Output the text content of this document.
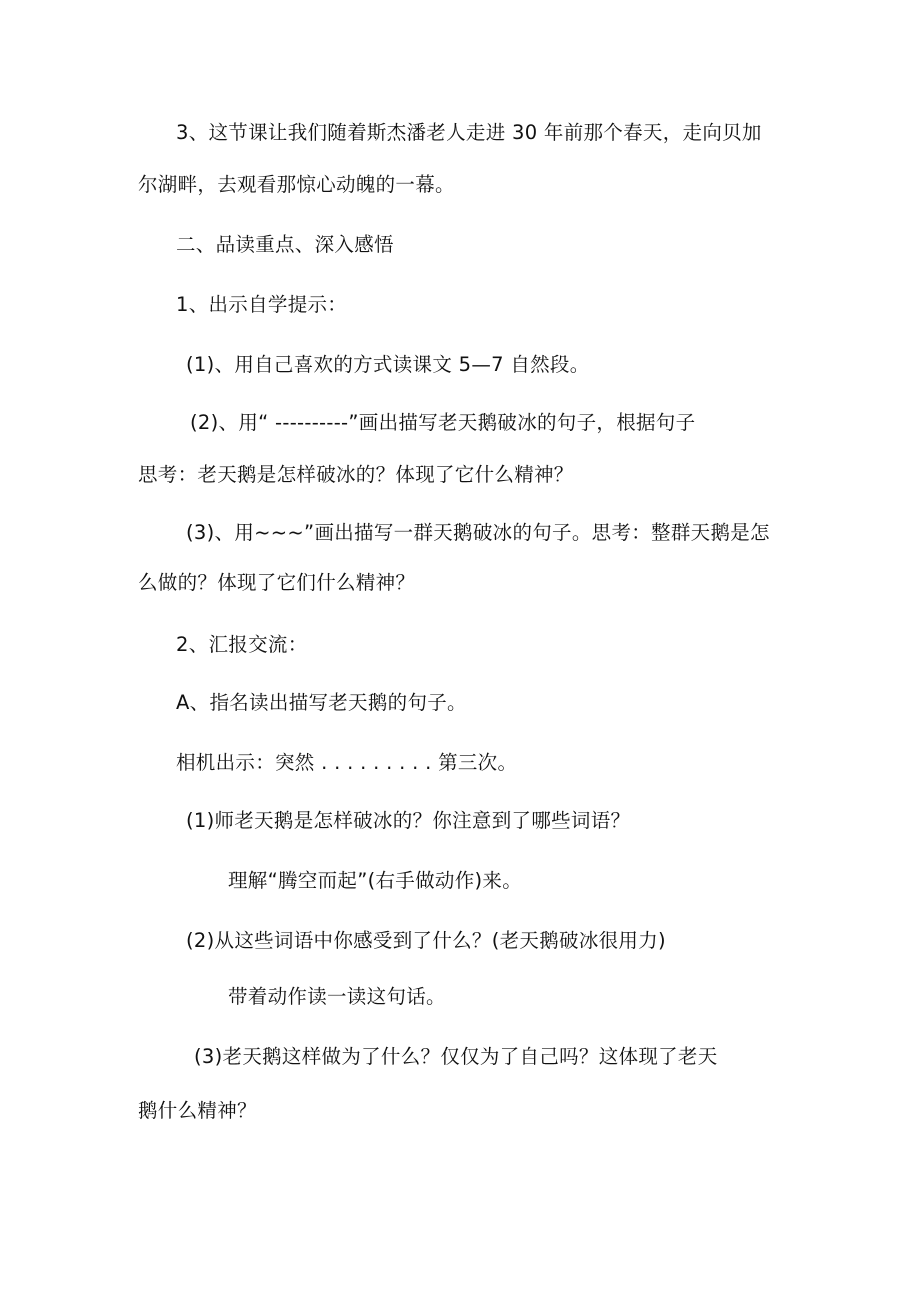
3、这节课让我们随着斯杰潘老人走进 30 年前那个春天，走向贝加
尔湖畔，去观看那惊心动魄的一幕。
二、品读重点、深入感悟
1、出示自学提示：
(1)、用自己喜欢的方式读课文 5—7 自然段。
(2)、用“ ----------”画出描写老天鹅破冰的句子，根据句子
思考：老天鹅是怎样破冰的？体现了它什么精神？
(3)、用~~~”画出描写一群天鹅破冰的句子。思考：整群天鹅是怎
么做的？体现了它们什么精神？
2、汇报交流：
A、指名读出描写老天鹅的句子。
相机出示：突然 . . . . . . . . . 第三次。
(1)师老天鹅是怎样破冰的？你注意到了哪些词语？
理解“腾空而起”(右手做动作)来。
(2)从这些词语中你感受到了什么？(老天鹅破冰很用力)
带着动作读一读这句话。
(3)老天鹅这样做为了什么？仅仅为了自己吗？这体现了老天
鹅什么精神？
